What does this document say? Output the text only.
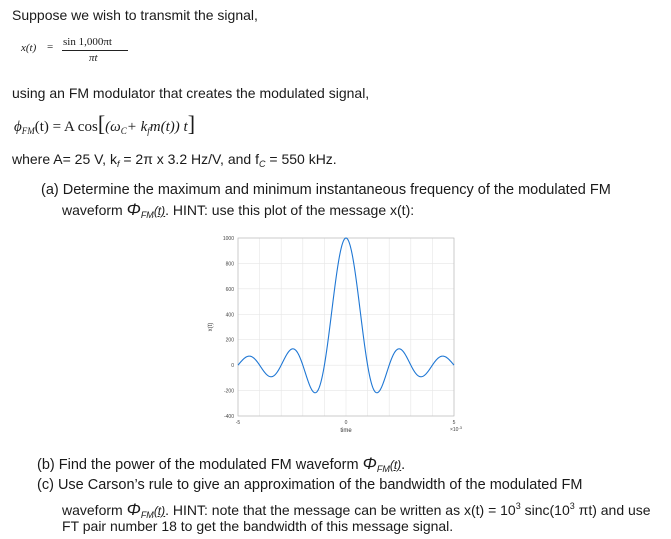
Suppose we wish to transmit the signal,
x(t) = sin 1,000πt
πt
using an FM modulator that creates the modulated signal,
$\phi_{FM}(t) = A$ $\cos[(\omega_C+ k_fm(t))$ t]
where A= 25 V, $k_f = 2\pi$ x 3.2 Hz/V, and $f_C = 550$ kHz.
(a) Determine the maximum and minimum instantaneous frequency of the modulated FM
waveform $\Phi_{FM}(t)$. HINT: use this plot of the message x(t):
1000
800
600
400
200
0
-200
-400
-5	0	5
time
x(t)
$\times 10^{-3}$
(b) Find the power of the modulated FM waveform $\Phi_{FM}(t)$.
(c) Use Carson’s rule to give an approximation of the bandwidth of the modulated FM
waveform $\Phi_{FM}(t)$. HINT: note that the message can be written as $x(t) = 10^3$ $\sin c(10^3$ πt) and use
FT pair number 18 to get the bandwidth of this message signal.
